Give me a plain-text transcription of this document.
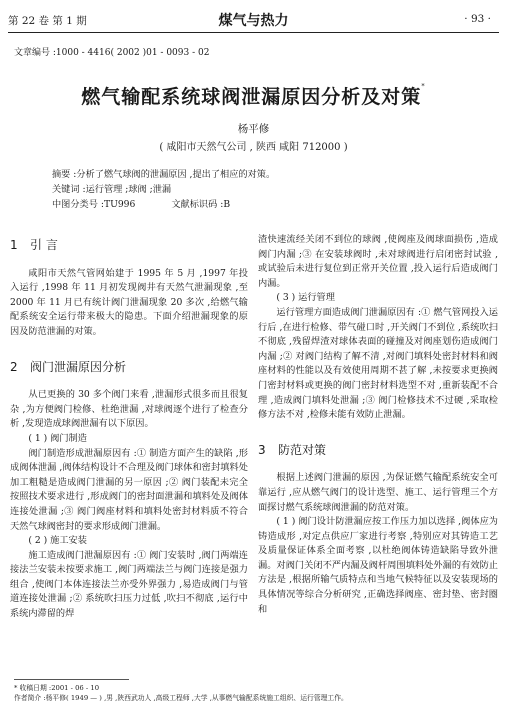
第 22 卷 第 1 期	煤气与热力	· 93 ·
文章编号 :1000 - 4416( 2002 )01 - 0093 - 02
燃气输配系统球阀泄漏原因分析及对策*
杨平修
( 咸阳市天然气公司 , 陕西 咸阳 712000 )
摘要 :分析了燃气球阀的泄漏原因 ,提出了相应的对策。
关键词 :运行管理 ;球阀 ;泄漏
中图分类号 :TU996	文献标识码 :B
1 引 言

咸阳市天然气管网始建于 1995 年 5 月 ,1997 年投入运行 ,1998 年 11 月初发现阀井有天然气泄漏现象 ,至 2000 年 11 月已有统计阀门泄漏现象 20 多次 ,给燃气输配系统安全运行带来极大的隐患。下面介绍泄漏现象的原因及防范泄漏的对策。

2 阀门泄漏原因分析

从已更换的 30 多个阀门来看 ,泄漏形式很多而且很复杂 ,为方便阀门检修、杜绝泄漏 ,对球阀逐个进行了检查分析 ,发现造成球阀泄漏有以下原因。

( 1 ) 阀门制造

阀门制造形成泄漏原因有 :① 制造方面产生的缺陷 ,形成阀体泄漏 ,阀体结构设计不合理及阀门球体和密封填料处加工粗糙是造成阀门泄漏的另一原因 ;② 阀门装配未完全按照技术要求进行 ,形成阀门的密封面泄漏和填料处及阀体连接处泄漏 ;③ 阀门阀座材料和填料处密封材料质不符合天然气球阀密封的要求形成阀门泄漏。

( 2 ) 施工安装

施工造成阀门泄漏原因有 :① 阀门安装时 ,阀门两端连接法兰安装未按要求施工 ,阀门两端法兰与阀门连接是强力组合 ,使阀门本体连接法兰亦受外界强力 ,易造成阀门与管道连接处泄漏 ;② 系统吹扫压力过低 ,吹扫不彻底 ,运行中系统内滞留的焊

渣快速流经关闭不到位的球阀 ,使阀座及阀球面损伤 ,造成阀门内漏 ;③ 在安装球阀时 ,未对球阀进行启闭密封试验 ,或试验后未进行复位到正常开关位置 ,投入运行后造成阀门内漏。

( 3 ) 运行管理

运行管理方面造成阀门泄漏原因有 :① 燃气管网投入运行后 ,在进行检修、带气碰口时 ,开关阀门不到位 ,系统吹扫不彻底 ,残留焊渣对球体表面的碰撞及对阀座划伤造成阀门内漏 ;② 对阀门结构了解不清 ,对阀门填料处密封材料和阀座材料的性能以及有效使用周期不甚了解 ,未按要求更换阀门密封材料或更换的阀门密封材料选型不对 ,重新装配不合理 ,造成阀门填料处泄漏 ;③ 阀门检修技术不过硬 ,采取检修方法不对 ,检修未能有效防止泄漏。

3 防范对策

根据上述阀门泄漏的原因 ,为保证燃气输配系统安全可靠运行 ,应从燃气阀门的设计选型、施工、运行管理三个方面探讨燃气系统球阀泄漏的防范对策。

( 1 ) 阀门设计防泄漏应按工作压力加以选择 ,阀体应为铸造成形 ,对定点供应厂家进行考察 ,特别应对其铸造工艺及质量保证体系全面考察 ,以杜绝阀体铸造缺陷导致外泄漏。对阀门关闭不严内漏及阀杆周围填料处外漏的有效防止方法是 ,根据所输气质特点和当地气候特征以及安装现场的具体情况等综合分析研究 ,正确选择阀座、密封垫、密封圈和

* 收稿日期 :2001 - 06 - 10
作者简介 :杨平修( 1949 — ) ,男 ,陕西武功人 ,高级工程师 ,大学 ,从事燃气输配系统施工组织、运行管理工作。
